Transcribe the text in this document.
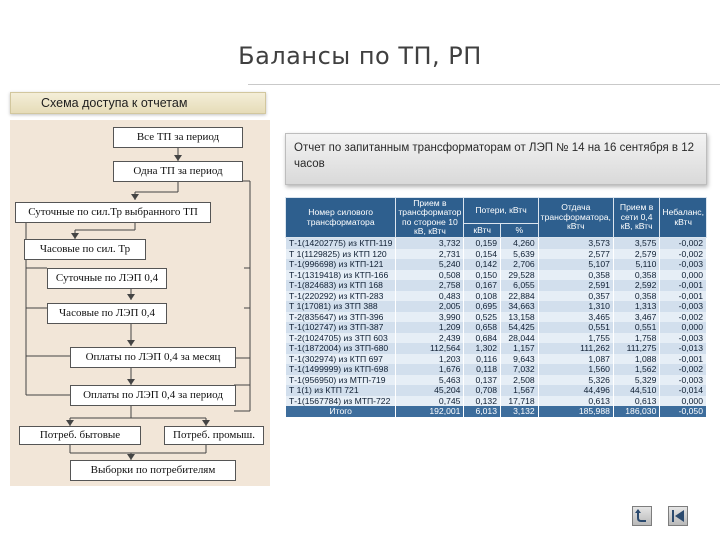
Балансы по ТП, РП
Схема доступа к отчетам
Все ТП за период
Одна ТП за период
Суточные по сил.Тр выбранного ТП
Часовые по сил. Тр
Суточные по ЛЭП 0,4
Часовые по ЛЭП 0,4
Оплаты по ЛЭП 0,4 за месяц
Оплаты по ЛЭП 0,4 за период
Потреб. бытовые	Потреб. промыш.
Выборки по потребителям
Отчет по запитанным трансформаторам от ЛЭП № 14 на 16 сентября в 12 часов
Номер силового трансформатора	Прием в трансформатор по стороне 10 кВ, кВтч	Потери, кВтч		Отдача трансформатора, кВтч	Прием в сети 0,4 кВ, кВтч	Небаланс, кВтч
		кВтч	%			
Т-1(14202775) из КТП-119	3,732	0,159	4,260	3,573	3,575	-0,002
Т 1(1129825) из КТП 120	2,731	0,154	5,639	2,577	2,579	-0,002
Т-1(996698) из КТП-121	5,240	0,142	2,706	5,107	5,110	-0,003
Т-1(1319418) из КТП-166	0,508	0,150	29,528	0,358	0,358	0,000
Т-1(824683) из КТП 168	2,758	0,167	6,055	2,591	2,592	-0,001
Т-1(220292) из КТП-283	0,483	0,108	22,884	0,357	0,358	-0,001
Т 1(17081) из ЗТП 388	2,005	0,695	34,663	1,310	1,313	-0,003
Т-2(835647) из ЗТП-396	3,990	0,525	13,158	3,465	3,467	-0,002
Т-1(102747) из ЗТП-387	1,209	0,658	54,425	0,551	0,551	0,000
Т-2(1024705) из ЗТП 603	2,439	0,684	28,044	1,755	1,758	-0,003
Т-1(1872004) из ЗТП-680	112,564	1,302	1,157	111,262	111,275	-0,013
Т-1(302974) из КТП 697	1,203	0,116	9,643	1,087	1,088	-0,001
Т-1(1499999) из КТП-698	1,676	0,118	7,032	1,560	1,562	-0,002
Т-1(956950) из МТП-719	5,463	0,137	2,508	5,326	5,329	-0,003
Т 1(1) из КТП 721	45,204	0,708	1,567	44,496	44,510	-0,014
Т-1(1567784) из МТП-722	0,745	0,132	17,718	0,613	0,613	0,000
Итого	192,001	6,013	3,132	185,988	186,030	-0,050
